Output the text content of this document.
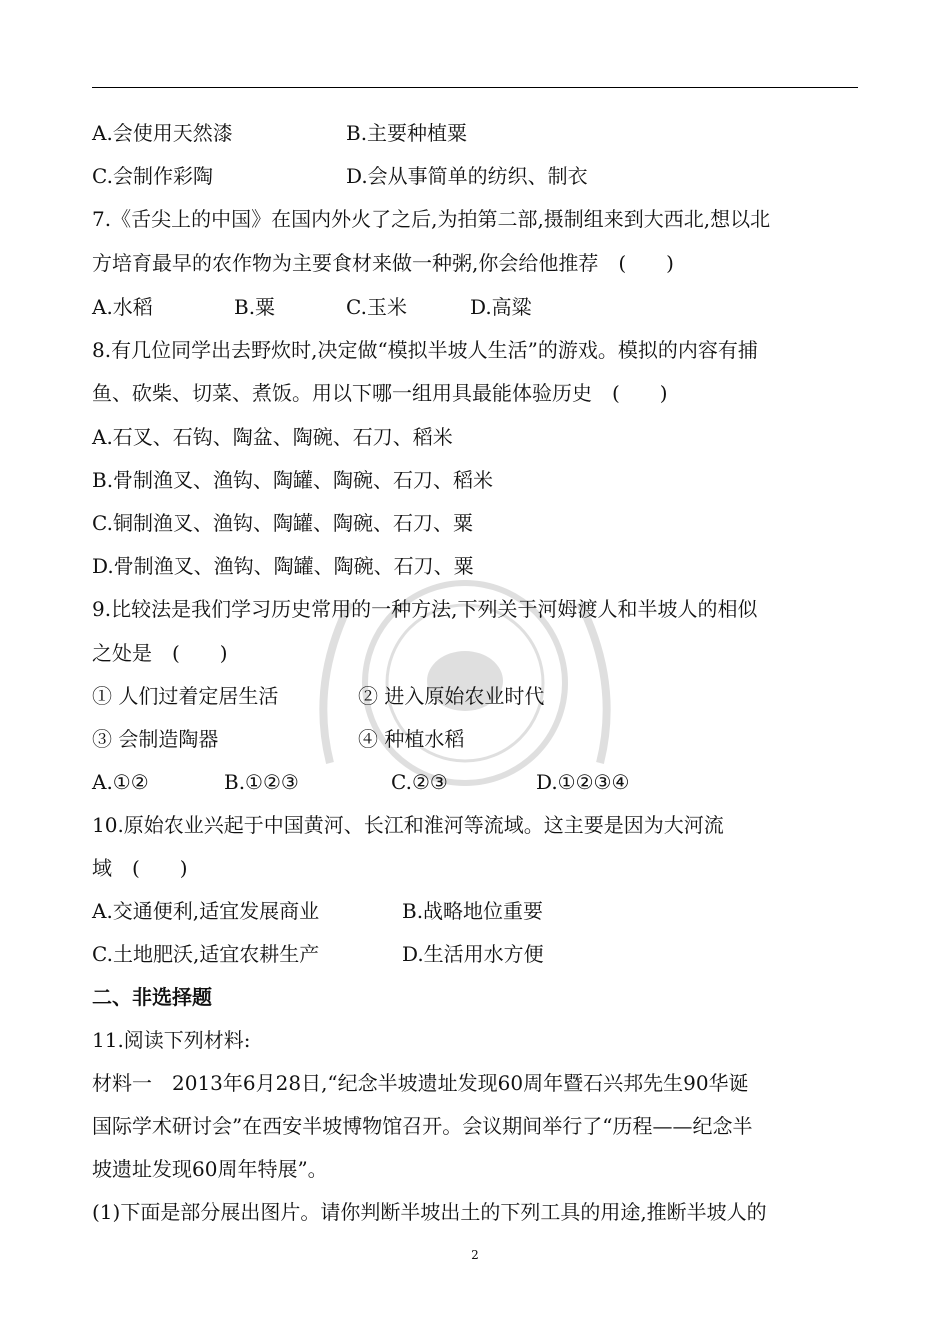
A.会使用天然漆	B.主要种植粟
C.会制作彩陶	D.会从事简单的纺织、制衣
7.《舌尖上的中国》在国内外火了之后,为拍第二部,摄制组来到大西北,想以北
方培育最早的农作物为主要食材来做一种粥,你会给他推荐　(　　)
A.水稻	B.粟	C.玉米	D.高粱
8.有几位同学出去野炊时,决定做“模拟半坡人生活”的游戏。模拟的内容有捕
鱼、砍柴、切菜、煮饭。用以下哪一组用具最能体验历史　(　　)
A.石叉、石钩、陶盆、陶碗、石刀、稻米
B.骨制渔叉、渔钩、陶罐、陶碗、石刀、稻米
C.铜制渔叉、渔钩、陶罐、陶碗、石刀、粟
D.骨制渔叉、渔钩、陶罐、陶碗、石刀、粟
9.比较法是我们学习历史常用的一种方法,下列关于河姆渡人和半坡人的相似
之处是　(　　)
① 人们过着定居生活	② 进入原始农业时代
③ 会制造陶器	④ 种植水稻
A.①②	B.①②③	C.②③	D.①②③④
10.原始农业兴起于中国黄河、长江和淮河等流域。这主要是因为大河流
域　(　　)
A.交通便利,适宜发展商业	B.战略地位重要
C.土地肥沃,适宜农耕生产	D.生活用水方便
二、非选择题
11.阅读下列材料:
材料一　2013年6月28日,“纪念半坡遗址发现60周年暨石兴邦先生90华诞
国际学术研讨会”在西安半坡博物馆召开。会议期间举行了“历程——纪念半
坡遗址发现60周年特展”。
(1)下面是部分展出图片。请你判断半坡出土的下列工具的用途,推断半坡人的
2
